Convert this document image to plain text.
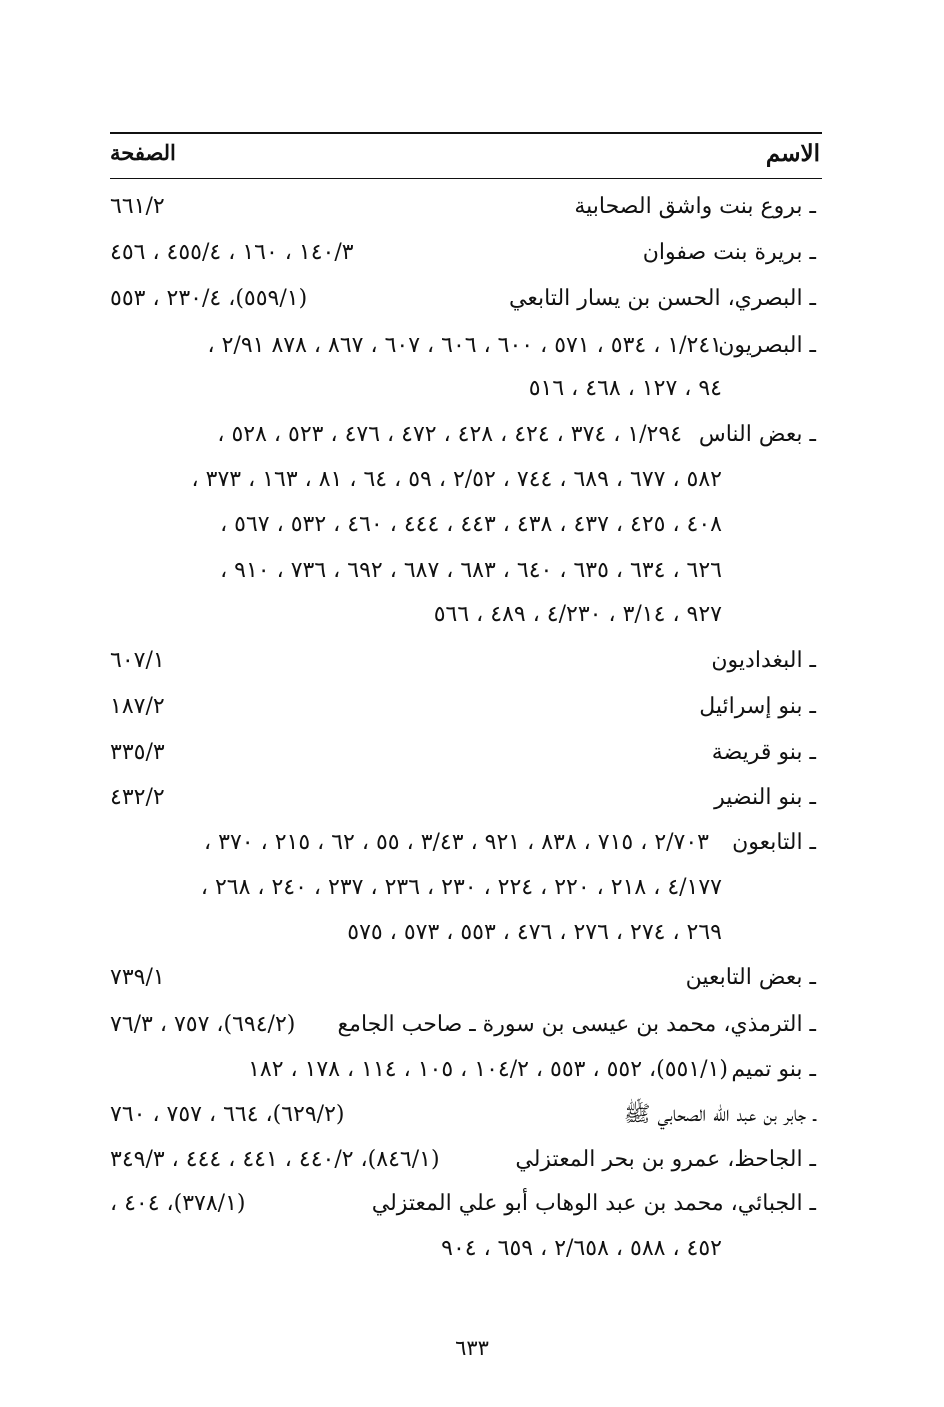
الاسم
الصفحة
ـ بروع بنت واشق الصحابية
٦٦١/٢
ـ بريرة بنت صفوان
١٤٠/٣ ، ١٦٠ ، ٤٥٥/٤ ، ٤٥٦
ـ البصري، الحسن بن يسار التابعي
(٥٥٩/١)، ٢٣٠/٤ ، ٥٥٣
ـ البصريون
١/٢٤١ ، ٥٣٤ ، ٥٧١ ، ٦٠٠ ، ٦٠٦ ، ٦٠٧ ، ٨٦٧ ، ٨٧٨ ٢/٩١ ،
٩٤ ، ١٢٧ ، ٤٦٨ ، ٥١٦
ـ بعض الناس
١/٢٩٤ ، ٣٧٤ ، ٤٢٤ ، ٤٢٨ ، ٤٧٢ ، ٤٧٦ ، ٥٢٣ ، ٥٢٨ ،
٥٨٢ ، ٦٧٧ ، ٦٨٩ ، ٧٤٤ ، ٢/٥٢ ، ٥٩ ، ٦٤ ، ٨١ ، ١٦٣ ، ٣٧٣ ،
٤٠٨ ، ٤٢٥ ، ٤٣٧ ، ٤٣٨ ، ٤٤٣ ، ٤٤٤ ، ٤٦٠ ، ٥٣٢ ، ٥٦٧ ،
٦٢٦ ، ٦٣٤ ، ٦٣٥ ، ٦٤٠ ، ٦٨٣ ، ٦٨٧ ، ٦٩٢ ، ٧٣٦ ، ٩١٠ ،
٩٢٧ ، ٣/١٤ ، ٤/٢٣٠ ، ٤٨٩ ، ٥٦٦
ـ البغداديون
٦٠٧/١
ـ بنو إسرائيل
١٨٧/٢
ـ بنو قريضة
٣٣٥/٣
ـ بنو النضير
٤٣٢/٢
ـ التابعون
٢/٧٠٣ ، ٧١٥ ، ٨٣٨ ، ٩٢١ ، ٣/٤٣ ، ٥٥ ، ٦٢ ، ٢١٥ ، ٣٧٠ ،
٤/١٧٧ ، ٢١٨ ، ٢٢٠ ، ٢٢٤ ، ٢٣٠ ، ٢٣٦ ، ٢٣٧ ، ٢٤٠ ، ٢٦٨ ،
٢٦٩ ، ٢٧٤ ، ٢٧٦ ، ٤٧٦ ، ٥٥٣ ، ٥٧٣ ، ٥٧٥
ـ بعض التابعين
٧٣٩/١
ـ الترمذي، محمد بن عيسى بن سورة ـ صاحب الجامع
(٦٩٤/٢)، ٧٥٧ ، ٧٦/٣
ـ بنو تميم
(٥٥١/١)، ٥٥٢ ، ٥٥٣ ، ١٠٤/٢ ، ١٠٥ ، ١١٤ ، ١٧٨ ، ١٨٢
ـ جابر بن عبد الله الصحابي ﷺ
(٦٢٩/٢)، ٦٦٤ ، ٧٥٧ ، ٧٦٠
ـ الجاحظ، عمرو بن بحر المعتزلي
(٨٤٦/١)، ٤٤٠/٢ ، ٤٤١ ، ٤٤٤ ، ٣٤٩/٣
ـ الجبائي، محمد بن عبد الوهاب أبو علي المعتزلي
(٣٧٨/١)، ٤٠٤ ،
٤٥٢ ، ٥٨٨ ، ٢/٦٥٨ ، ٦٥٩ ، ٩٠٤
٦٣٣
